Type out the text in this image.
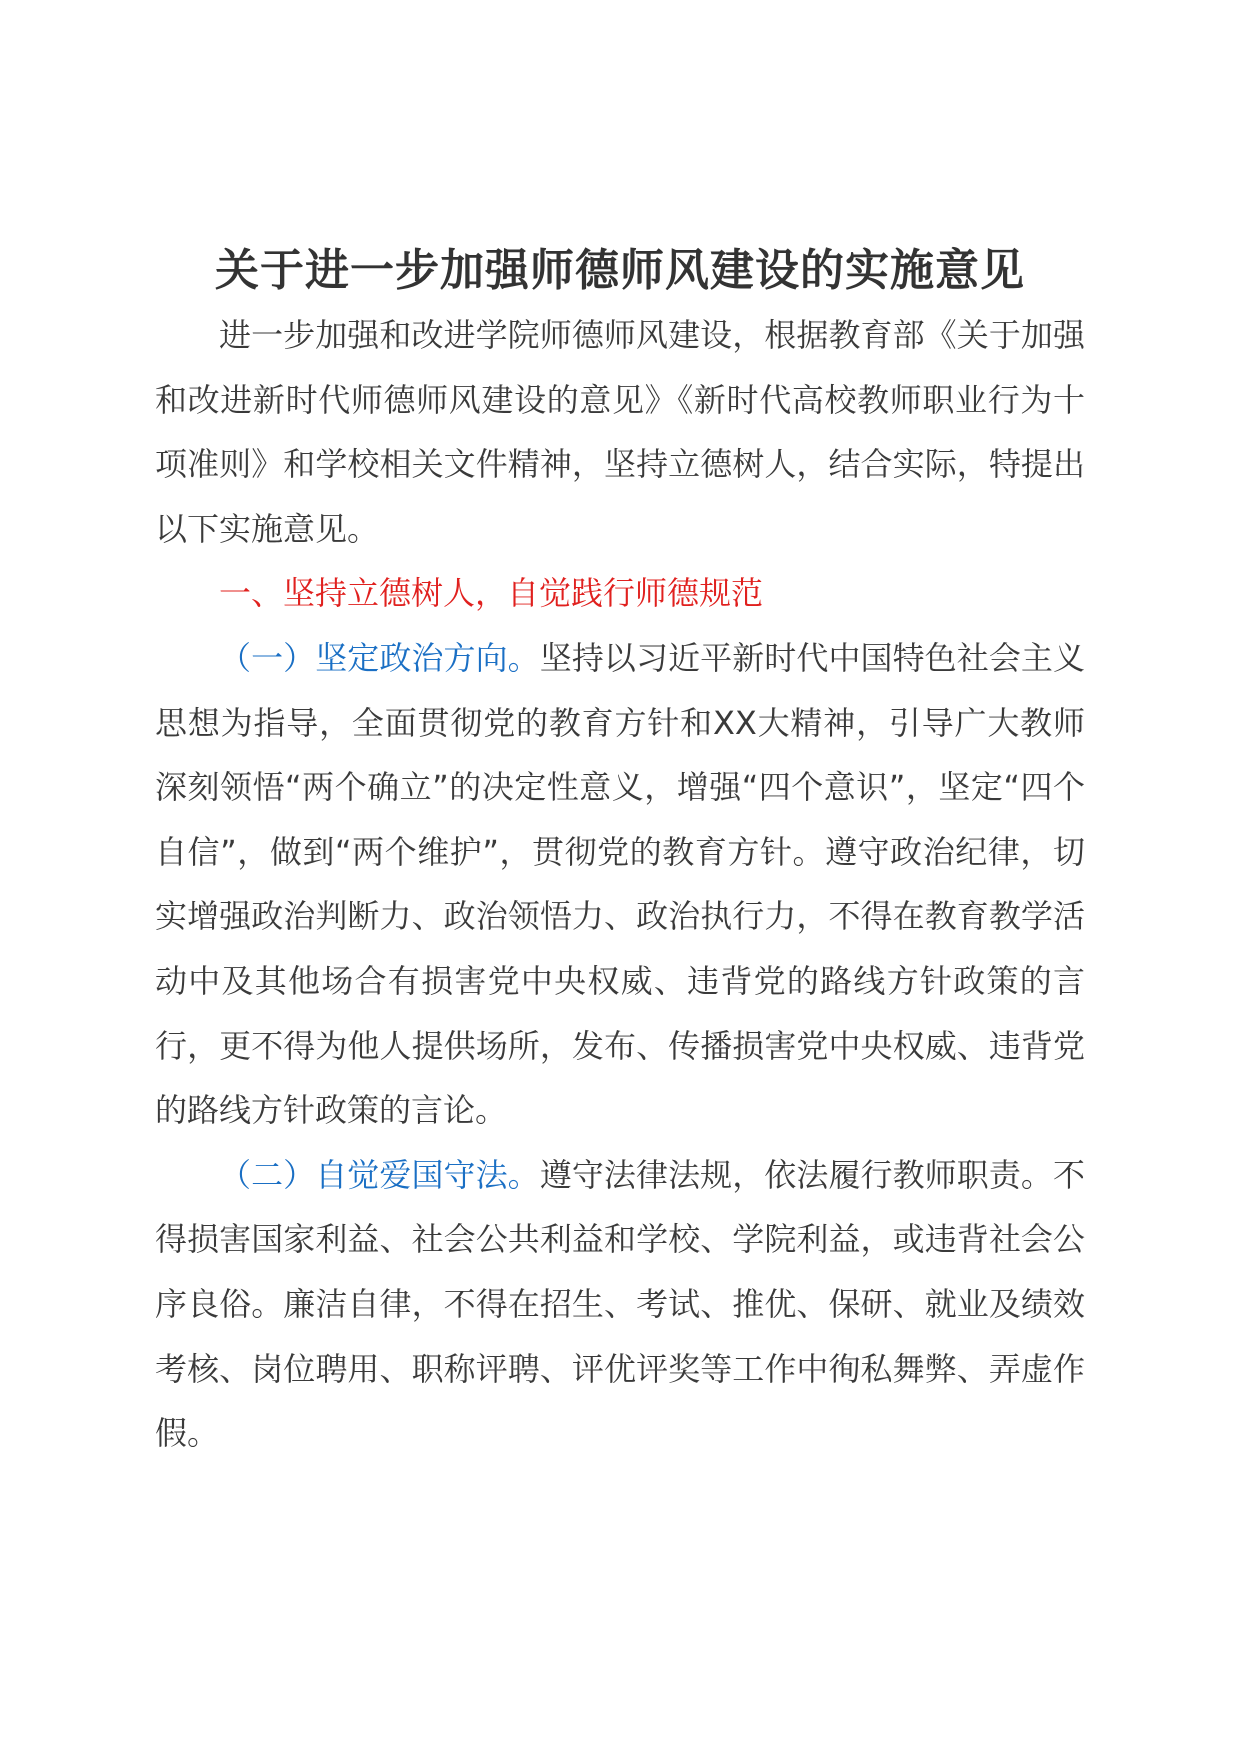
关于进一步加强师德师风建设的实施意见

进一步加强和改进学院师德师风建设，根据教育部《关于加强和改进新时代师德师风建设的意见》《新时代高校教师职业行为十项准则》和学校相关文件精神，坚持立德树人，结合实际，特提出以下实施意见。

一、坚持立德树人，自觉践行师德规范

（一）坚定政治方向。坚持以习近平新时代中国特色社会主义思想为指导，全面贯彻党的教育方针和XX大精神，引导广大教师深刻领悟“两个确立”的决定性意义，增强“四个意识”，坚定“四个自信”，做到“两个维护”，贯彻党的教育方针。遵守政治纪律，切实增强政治判断力、政治领悟力、政治执行力，不得在教育教学活动中及其他场合有损害党中央权威、违背党的路线方针政策的言行，更不得为他人提供场所，发布、传播损害党中央权威、违背党的路线方针政策的言论。

（二）自觉爱国守法。遵守法律法规，依法履行教师职责。不得损害国家利益、社会公共利益和学校、学院利益，或违背社会公序良俗。廉洁自律，不得在招生、考试、推优、保研、就业及绩效考核、岗位聘用、职称评聘、评优评奖等工作中徇私舞弊、弄虚作假。
